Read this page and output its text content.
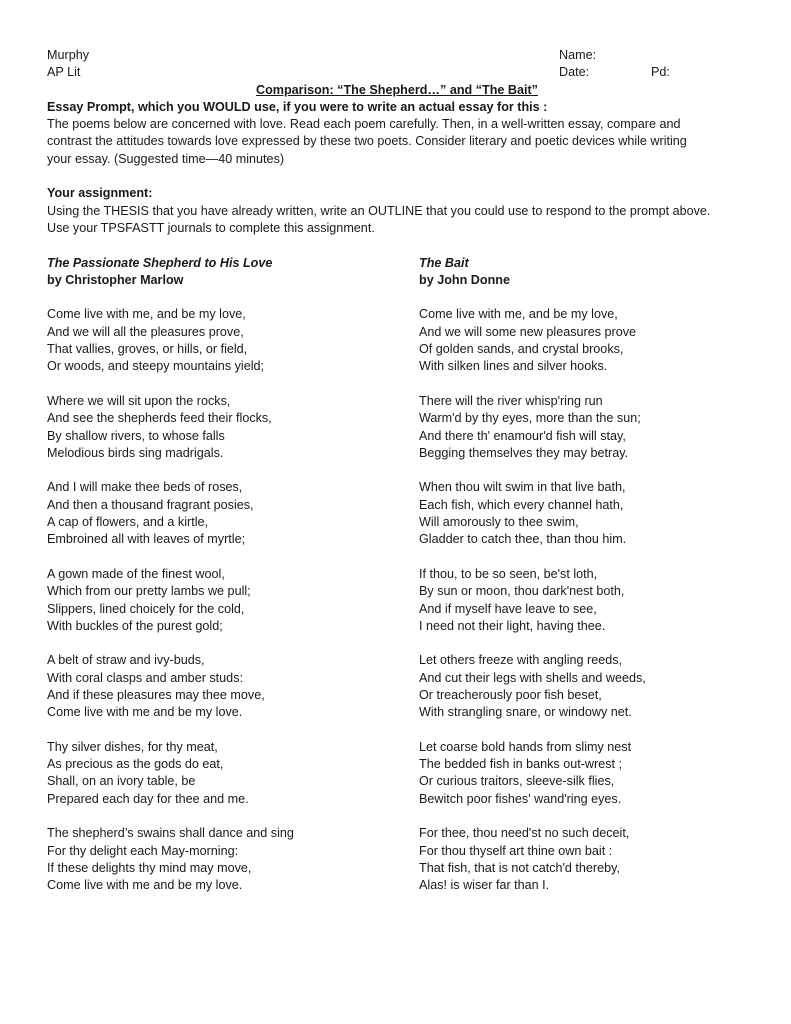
Murphy	Name:
AP Lit	Date:	Pd:
Comparison: “The Shepherd…” and “The Bait”

Essay Prompt, which you WOULD use, if you were to write an actual essay for this :

The poems below are concerned with love. Read each poem carefully. Then, in a well-written essay, compare and

contrast the attitudes towards love expressed by these two poets. Consider literary and poetic devices while writing

your essay. (Suggested time—40 minutes)

Your assignment:

Using the THESIS that you have already written, write an OUTLINE that you could use to respond to the prompt above.

Use your TPSFASTT journals to complete this assignment.

The Passionate Shepherd to His Love

by Christopher Marlow

Come live with me, and be my love,

And we will all the pleasures prove,

That vallies, groves, or hills, or field,

Or woods, and steepy mountains yield;

Where we will sit upon the rocks,

And see the shepherds feed their flocks,

By shallow rivers, to whose falls

Melodious birds sing madrigals.

And I will make thee beds of roses,

And then a thousand fragrant posies,

A cap of flowers, and a kirtle,

Embroined all with leaves of myrtle;

A gown made of the finest wool,

Which from our pretty lambs we pull;

Slippers, lined choicely for the cold,

With buckles of the purest gold;

A belt of straw and ivy-buds,

With coral clasps and amber studs:

And if these pleasures may thee move,

Come live with me and be my love.

Thy silver dishes, for thy meat,

As precious as the gods do eat,

Shall, on an ivory table, be

Prepared each day for thee and me.

The shepherd’s swains shall dance and sing

For thy delight each May-morning:

If these delights thy mind may move,

Come live with me and be my love.

The Bait

by John Donne

Come live with me, and be my love,

And we will some new pleasures prove

Of golden sands, and crystal brooks,

With silken lines and silver hooks.

There will the river whisp'ring run

Warm'd by thy eyes, more than the sun;

And there th' enamour'd fish will stay,

Begging themselves they may betray.

When thou wilt swim in that live bath,

Each fish, which every channel hath,

Will amorously to thee swim,

Gladder to catch thee, than thou him.

If thou, to be so seen, be'st loth,

By sun or moon, thou dark'nest both,

And if myself have leave to see,

I need not their light, having thee.

Let others freeze with angling reeds,

And cut their legs with shells and weeds,

Or treacherously poor fish beset,

With strangling snare, or windowy net.

Let coarse bold hands from slimy nest

The bedded fish in banks out-wrest ;

Or curious traitors, sleeve-silk flies,

Bewitch poor fishes' wand'ring eyes.

For thee, thou need'st no such deceit,

For thou thyself art thine own bait :

That fish, that is not catch'd thereby,

Alas! is wiser far than I.
